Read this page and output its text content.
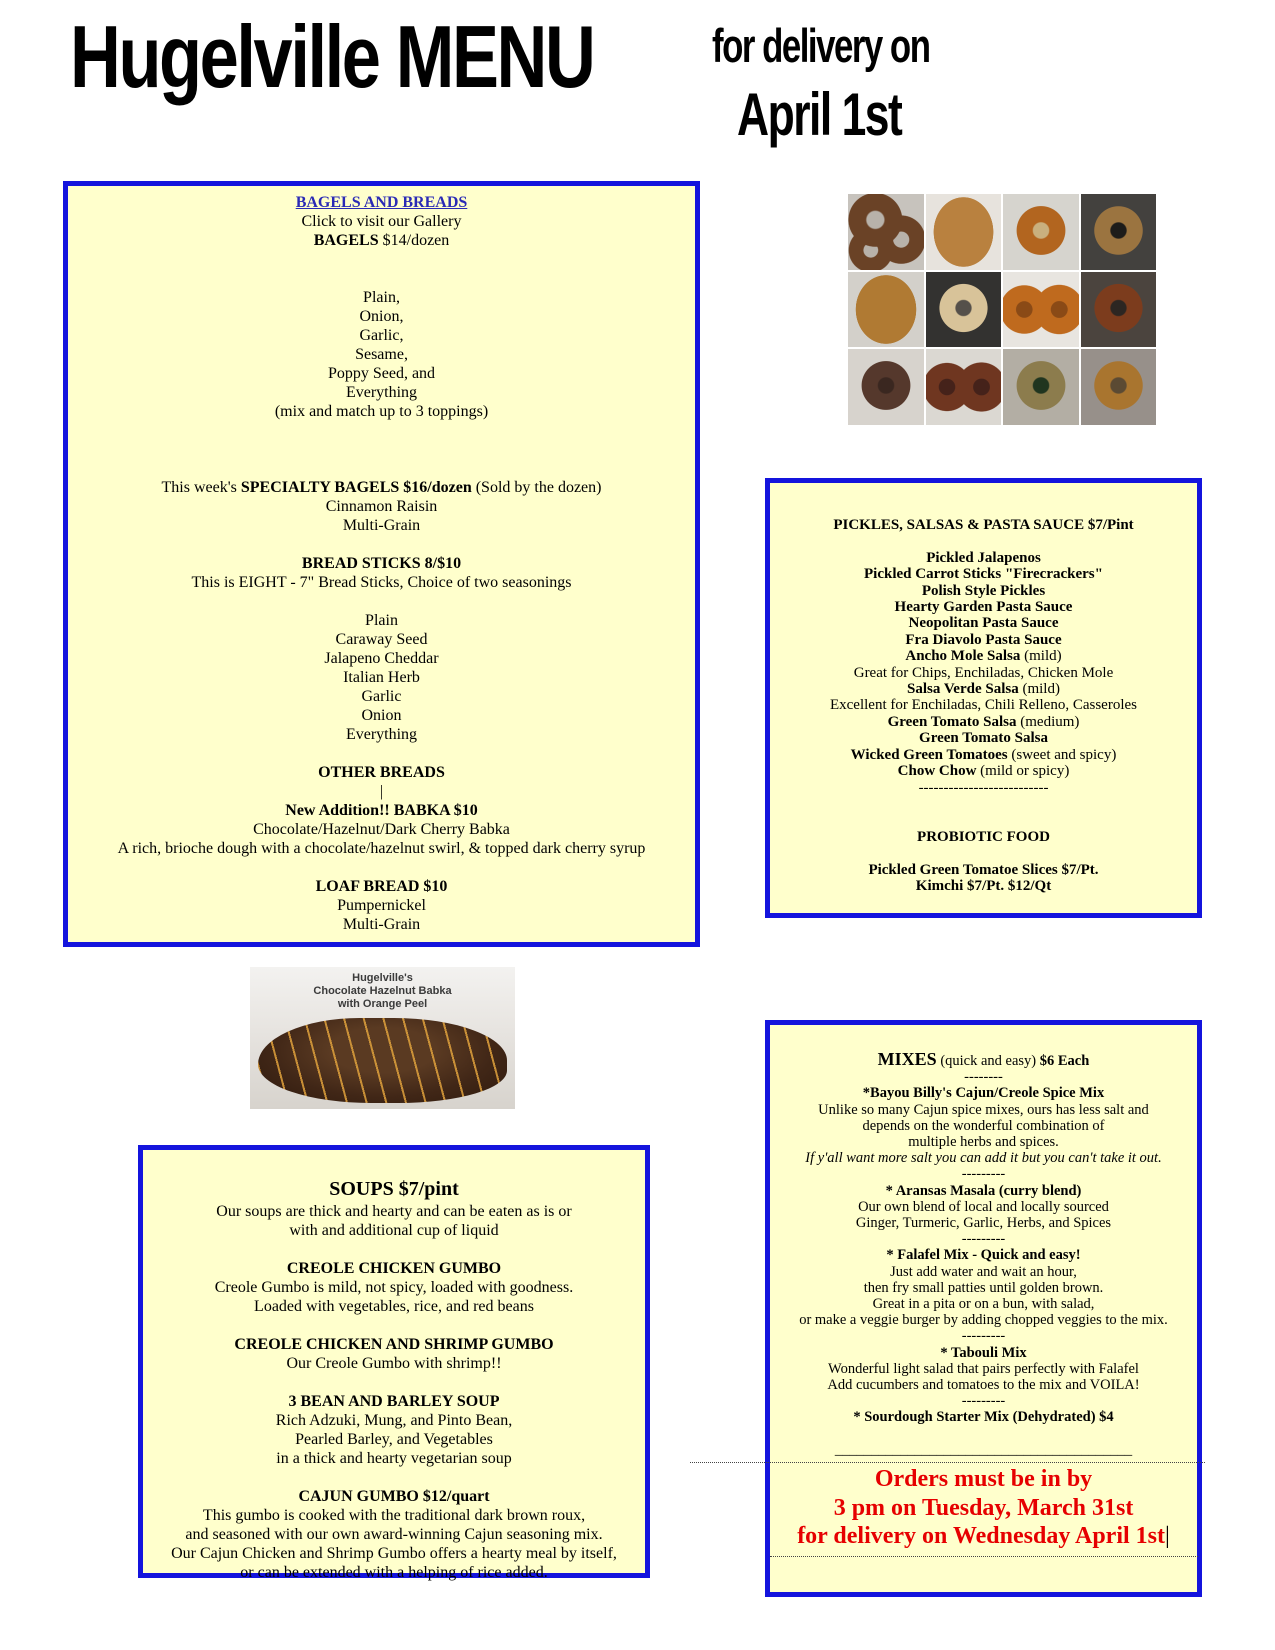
Hugelville MENU	for delivery on
April 1st
BAGELS AND BREADS
Click to visit our Gallery
BAGELS $14/dozen

Plain,
Onion,
Garlic,
Sesame,
Poppy Seed, and
Everything
(mix and match up to 3 toppings)

This week's SPECIALTY BAGELS $16/dozen (Sold by the dozen)
Cinnamon Raisin
Multi-Grain

BREAD STICKS 8/$10
This is EIGHT - 7" Bread Sticks, Choice of two seasonings

Plain
Caraway Seed
Jalapeno Cheddar
Italian Herb
Garlic
Onion
Everything

OTHER BREADS
|
New Addition!! BABKA $10
Chocolate/Hazelnut/Dark Cherry Babka
A rich, brioche dough with a chocolate/hazelnut swirl, & topped dark cherry syrup

LOAF BREAD $10
Pumpernickel
Multi-Grain
PICKLES, SALSAS & PASTA SAUCE $7/Pint

Pickled Jalapenos
Pickled Carrot Sticks "Firecrackers"
Polish Style Pickles
Hearty Garden Pasta Sauce
Neopolitan Pasta Sauce
Fra Diavolo Pasta Sauce
Ancho Mole Salsa (mild)
Great for Chips, Enchiladas, Chicken Mole
Salsa Verde Salsa (mild)
Excellent for Enchiladas, Chili Relleno, Casseroles
Green Tomato Salsa (medium)
Green Tomato Salsa
Wicked Green Tomatoes (sweet and spicy)
Chow Chow (mild or spicy)
--------------------------

PROBIOTIC FOOD

Pickled Green Tomatoe Slices $7/Pt.
Kimchi $7/Pt. $12/Qt
Hugelville's
Chocolate Hazelnut Babka
with Orange Peel
SOUPS $7/pint
Our soups are thick and hearty and can be eaten as is or
with and additional cup of liquid

CREOLE CHICKEN GUMBO
Creole Gumbo is mild, not spicy, loaded with goodness.
Loaded with vegetables, rice, and red beans

CREOLE CHICKEN AND SHRIMP GUMBO
Our Creole Gumbo with shrimp!!

3 BEAN AND BARLEY SOUP
Rich Adzuki, Mung, and Pinto Bean,
Pearled Barley, and Vegetables
in a thick and hearty vegetarian soup

CAJUN GUMBO $12/quart
This gumbo is cooked with the traditional dark brown roux,
and seasoned with our own award-winning Cajun seasoning mix.
Our Cajun Chicken and Shrimp Gumbo offers a hearty meal by itself,
or can be extended with a helping of rice added.
Orders must be in by
3 pm on Tuesday, March 31st
for delivery on Wednesday April 1st|
MIXES (quick and easy) $6 Each
--------
*Bayou Billy's Cajun/Creole Spice Mix
Unlike so many Cajun spice mixes, ours has less salt and
depends on the wonderful combination of
multiple herbs and spices.
If y'all want more salt you can add it but you can't take it out.
---------
* Aransas Masala (curry blend)
Our own blend of local and locally sourced
Ginger, Turmeric, Garlic, Herbs, and Spices
---------
* Falafel Mix - Quick and easy!
Just add water and wait an hour,
then fry small patties until golden brown.
Great in a pita or on a bun, with salad,
or make a veggie burger by adding chopped veggies to the mix.
---------
* Tabouli Mix
Wonderful light salad that pairs perfectly with Falafel
Add cucumbers and tomatoes to the mix and VOILA!
---------
* Sourdough Starter Mix (Dehydrated) $4

_________________________________________
